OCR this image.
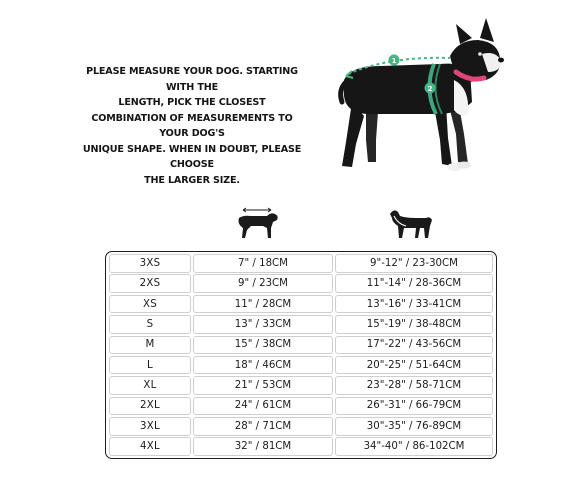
PLEASE MEASURE YOUR DOG. STARTING WITH THE
LENGTH, PICK THE CLOSEST
COMBINATION OF MEASUREMENTS TO YOUR DOG'S
UNIQUE SHAPE. WHEN IN DOUBT, PLEASE CHOOSE
THE LARGER SIZE.
1
2
3XS	7" / 18CM	9"-12" / 23-30CM
2XS	9" / 23CM	11"-14" / 28-36CM
XS	11" / 28CM	13"-16" / 33-41CM
S	13" / 33CM	15"-19" / 38-48CM
M	15" / 38CM	17"-22" / 43-56CM
L	18" / 46CM	20"-25" / 51-64CM
XL	21" / 53CM	23"-28" / 58-71CM
2XL	24" / 61CM	26"-31" / 66-79CM
3XL	28" / 71CM	30"-35" / 76-89CM
4XL	32" / 81CM	34"-40" / 86-102CM
